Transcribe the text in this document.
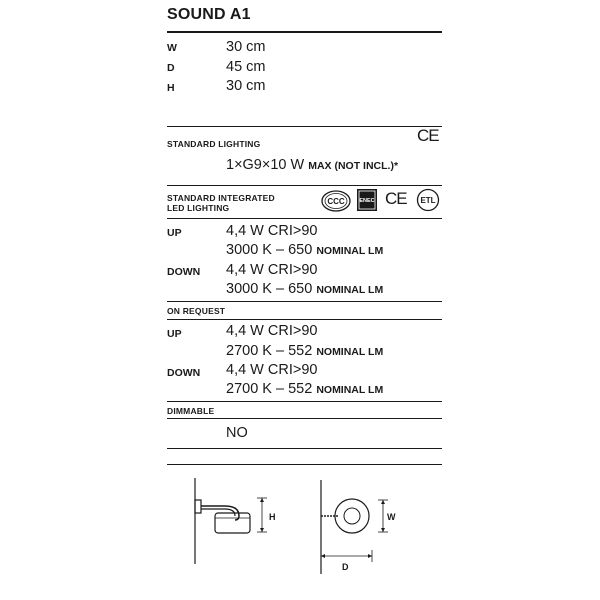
SOUND A1
W	30 cm
D	45 cm
H	30 cm
STANDARD LIGHTING	CE
1×G9×10 W MAX (NOT INCL.)*
STANDARD INTEGRATED
LED LIGHTING
CCC	ENEC CE ETL
UP	4,4 W CRI>90
3000 K – 650 NOMINAL LM
DOWN 4,4 W CRI>90
3000 K – 650 NOMINAL LM
ON REQUEST
UP	4,4 W CRI>90
2700 K – 552 NOMINAL LM
DOWN 4,4 W CRI>90
2700 K – 552 NOMINAL LM
DIMMABLE
NO
H	W
D
